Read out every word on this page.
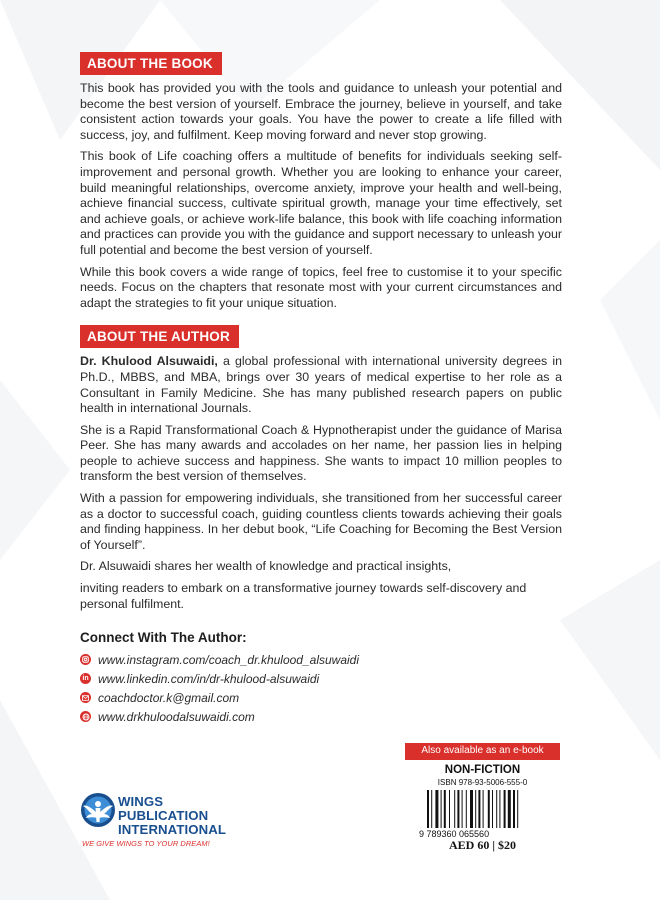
ABOUT THE BOOK

This book has provided you with the tools and guidance to unleash your potential and become the best version of yourself. Embrace the journey, believe in yourself, and take consistent action towards your goals. You have the power to create a life filled with success, joy, and fulfilment. Keep moving forward and never stop growing.

This book of Life coaching offers a multitude of benefits for individuals seeking self-improvement and personal growth. Whether you are looking to enhance your career, build meaningful relationships, overcome anxiety, improve your health and well-being, achieve financial success, cultivate spiritual growth, manage your time effectively, set and achieve goals, or achieve work-life balance, this book with life coaching information and practices can provide you with the guidance and support necessary to unleash your full potential and become the best version of yourself.

While this book covers a wide range of topics, feel free to customise it to your specific needs. Focus on the chapters that resonate most with your current circumstances and adapt the strategies to fit your unique situation.

ABOUT THE AUTHOR

Dr. Khulood Alsuwaidi, a global professional with international university degrees in Ph.D., MBBS, and MBA, brings over 30 years of medical expertise to her role as a Consultant in Family Medicine. She has many published research papers on public health in international Journals.

She is a Rapid Transformational Coach & Hypnotherapist under the guidance of Marisa Peer. She has many awards and accolades on her name, her passion lies in helping people to achieve success and happiness. She wants to impact 10 million peoples to transform the best version of themselves.

With a passion for empowering individuals, she transitioned from her successful career as a doctor to successful coach, guiding countless clients towards achieving their goals and finding happiness. In her debut book, “Life Coaching for Becoming the Best Version of Yourself”.

Dr. Alsuwaidi shares her wealth of knowledge and practical insights,

inviting readers to embark on a transformative journey towards self-discovery and personal fulfilment.

Connect With The Author:
www.instagram.com/coach_dr.khulood_alsuwaidi
in www.linkedin.com/in/dr-khulood-alsuwaidi
coachdoctor.k@gmail.com
www.drkhuloodalsuwaidi.com
WINGS
PUBLICATION
INTERNATIONAL
WE GIVE WINGS TO YOUR DREAM!
Also available as an e-book
NON-FICTION
ISBN 978-93-5006-555-0
9 789360 065560
AED 60 | $20
